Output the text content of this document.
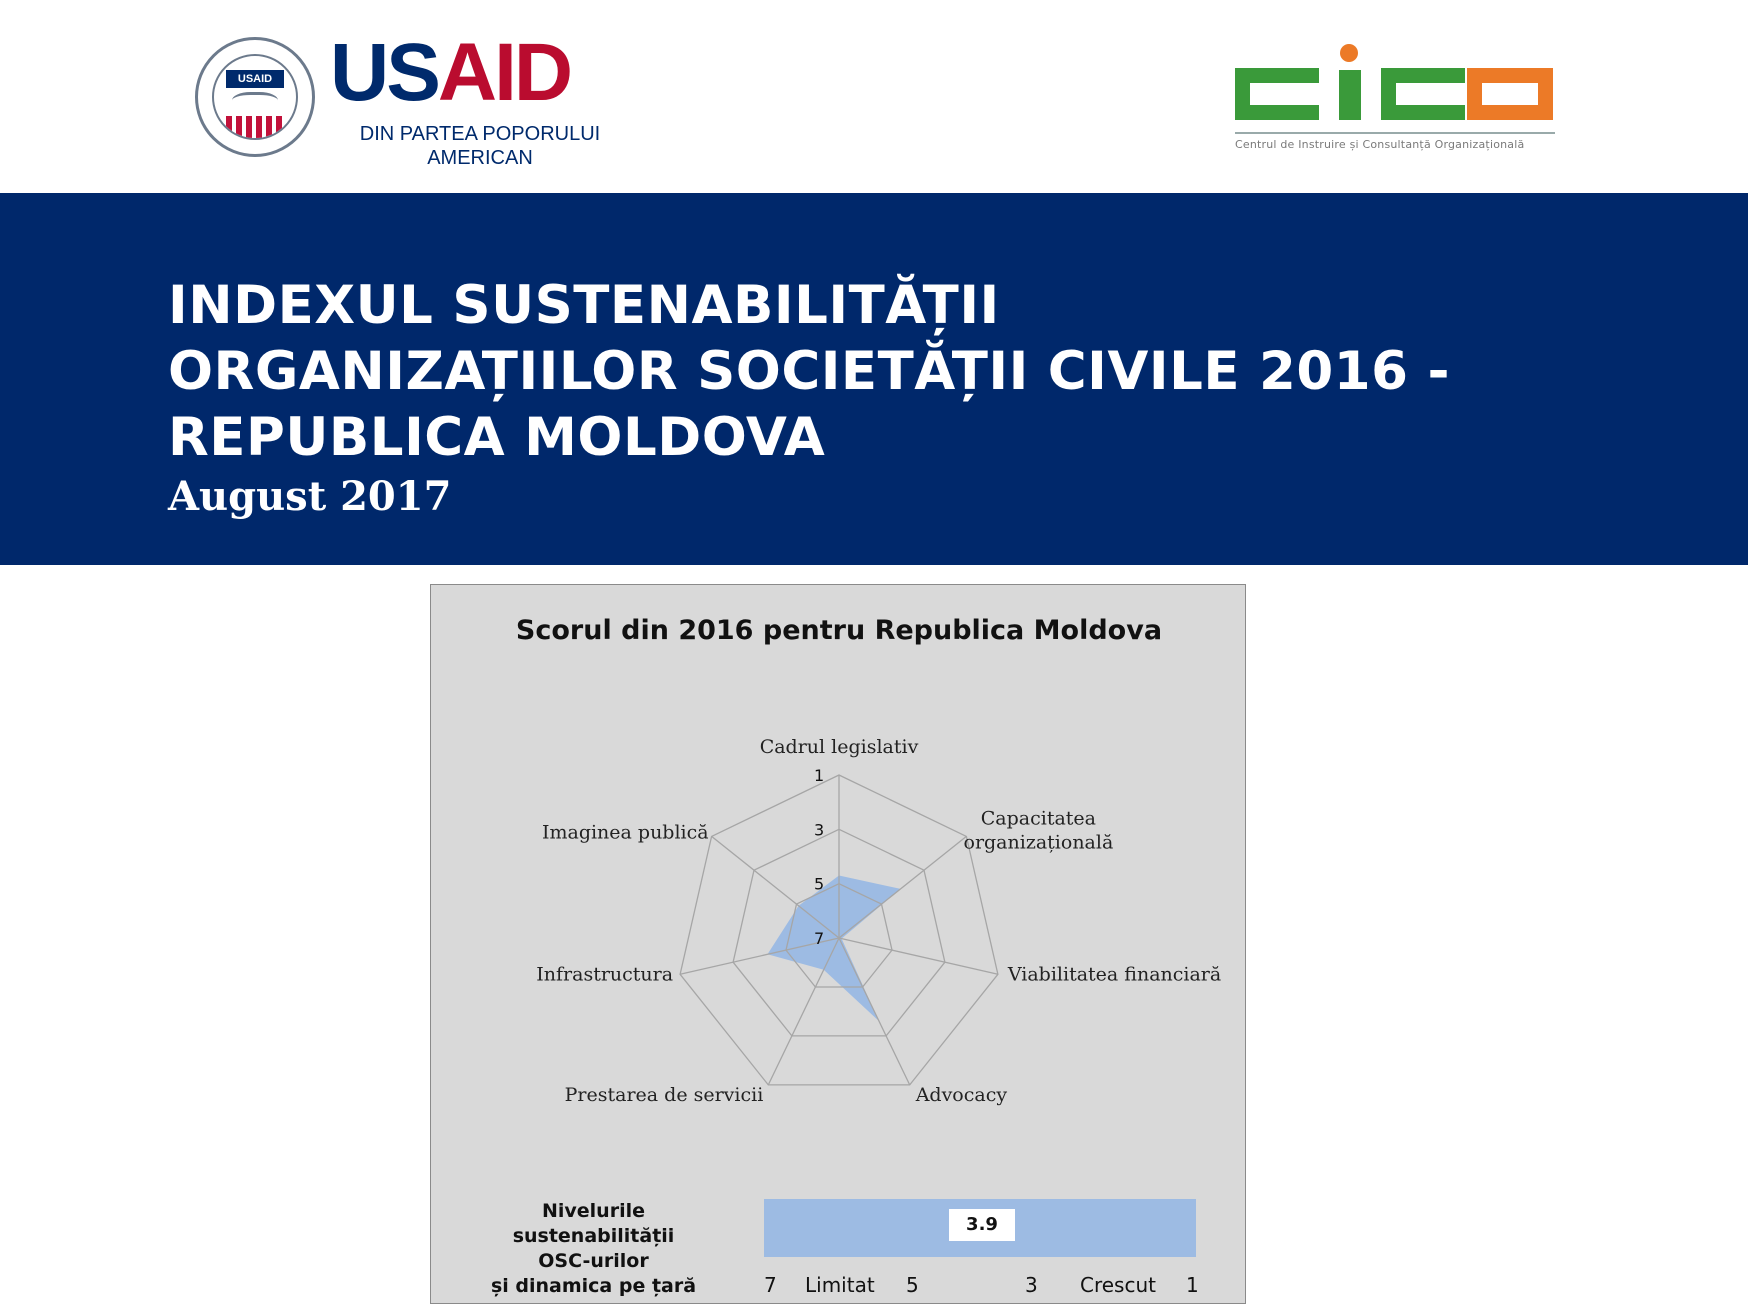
USAID USAID
DIN PARTEA POPORULUI
AMERICAN
Centrul de Instruire și Consultanță Organizațională
INDEXUL SUSTENABILITĂȚII
ORGANIZAȚIILOR SOCIETĂȚII CIVILE 2016 -
REPUBLICA MOLDOVA

August 2017

Scorul din 2016 pentru Republica Moldova
1
3
5
7
Cadrul legislativ
Capacitatea organizațională
Viabilitatea financiară
Advocacy
Prestarea de servicii
Infrastructura
Imaginea publică
Nivelurile sustenabilității
OSC-urilor
și dinamica pe țară
3.9
7 Limitat 5	3 Crescut 1
